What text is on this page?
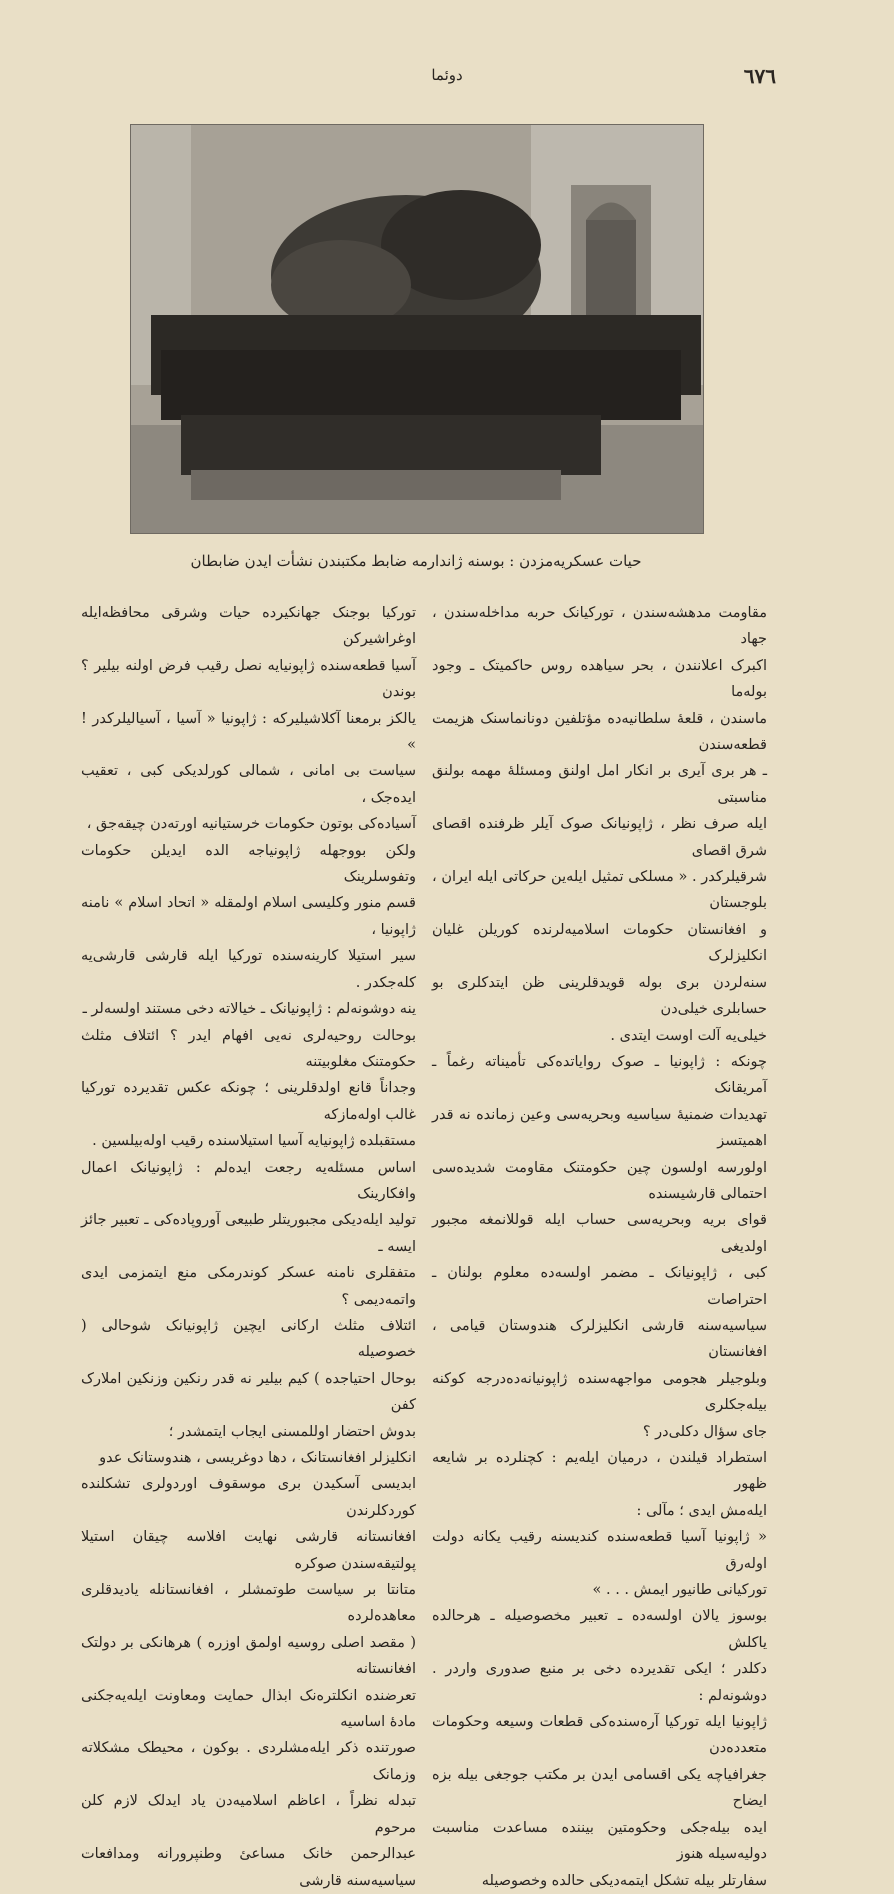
٦٧٦
دوئما
حیات عسکریه‌مزدن : بوسنه ژاندارمه ضابط مکتبندن نشأت ایدن ضابطان

مقاومت مدهشه‌سندن ، تورکیانک حربه مداخله‌سندن ، جهاد

اکبرک اعلانندن ، بحر سیاهده روس حاکمیتک ـ وجود بوله‌ما

ماسندن ، قلعهٔ سلطانیه‌ده مؤتلفین دونانماسنک هزیمت قطعه‌سندن

ـ هر بری آیری بر انکار امل اولنق ومسئلهٔ مهمه بولنق مناسبتی

ایله صرف نظر ، ژاپونیانک صوک آیلر ظرفنده اقصای شرق اقصای

شرقیلرکدر . « مسلکی تمثیل ایله‌ین حرکاتی ایله ایران ، بلوجستان

و افغانستان حکومات اسلامیه‌لرنده کوریلن غلیان انکلیزلرک

سنه‌لردن بری بوله قویدقلرینی ظن ایتدکلری بو حسابلری خیلی‌دن

خیلی‌یه آلت اوست ایتدی .

چونکه : ژاپونیا ـ صوک روایاتده‌کی تأمیناته رغماً ـ آمریقانک

تهدیدات ضمنیهٔ سیاسیه وبحریه‌سی وعین زمانده نه قدر اهمیتسز

اولورسه اولسون چین حکومتنک مقاومت شدیده‌سی احتمالی قارشیسنده

قوای بریه وبحریه‌سی حساب ایله قوللانمغه مجبور اولدیغی

کبی ، ژاپونیانک ـ مضمر اولسه‌ده معلوم بولنان ـ احتراصات

سیاسیه‌سنه قارشی انکلیزلرک هندوستان قیامی ، افغانستان

وبلوجیلر هجومی مواجهه‌سنده ژاپونیانه‌ده‌درجه کوکنه بیله‌جکلری

جای سؤال دکلی‌در ؟

استطراد قیلندن ، درمیان ایله‌یم : کچنلرده بر شایعه ظهور

ایله‌مش ایدی ؛ مآلی :

« ژاپونیا آسیا قطعه‌سنده کندیسنه رقیب یکانه دولت اوله‌رق

تورکیانی طانیور ایمش . . . »

بوسوز یالان اولسه‌ده ـ تعبیر مخصوصیله ـ هرحالده یاکلش

دکلدر ؛ ایکی تقدیرده دخی بر منبع صدوری واردر . دوشونه‌لم :

ژاپونیا ایله تورکیا آره‌سنده‌کی قطعات وسیعه وحکومات متعدده‌دن

جغرافیاچه یکی اقسامی ایدن بر مکتب جوجغی بیله بزه ایضاح

ایده بیله‌جکی وحکومتین بیننده مساعدت مناسبت دولیه‌سیله هنوز

سفارتلر بیله تشکل ایتمه‌دیکی حالده وخصوصیله

تورکیا بوجنک جهانکیرده حیات وشرقی محافظه‌ایله اوغراشیرکن

آسیا قطعه‌سنده ژاپونیایه نصل رقیب فرض اولنه بیلیر ؟ بوندن

یالکز برمعنا آکلاشیلیرکه : ژاپونیا « آسیا ، آسیالیلرکدر ! »

سیاست بی امانی ، شمالی کورلدیکی کبی ، تعقیب ایده‌جک ،

آسیاده‌کی بوتون حکومات خرستیانیه اورته‌دن چیقه‌جق ،

ولکن بووجهله ژاپونیاجه الده ایدیلن حکومات وتفوسلرینک

قسم منور وکلیسی اسلام اولمقله « اتحاد اسلام » نامنه ژاپونیا ،

سیر استیلا کارینه‌سنده تورکیا ایله قارشی قارشی‌یه کله‌جکدر .

ینه دوشونه‌لم : ژاپونیانک ـ خیالاته دخی مستند اولسه‌لر ـ

بوحالت روحیه‌لری نه‌یی افهام ایدر ؟ ائتلاف مثلث حکومتنک مغلوبیتنه

وجداناً قانع اولدقلرینی ؛ چونکه عکس تقدیرده تورکیا غالب اوله‌مازکه

مستقبلده ژاپونیایه آسیا استیلاسنده رقیب اوله‌بیلسین .

اساس مسئله‌یه رجعت ایده‌لم : ژاپونیانک اعمال وافکارینک

تولید ایله‌دیکی مجبوریتلر طبیعی آوروپاده‌کی ـ تعبیر جائز ایسه ـ

متفقلری نامنه عسکر کوندرمکی منع ایتمزمی ایدی واتمه‌دیمی ؟

ائتلاف مثلث ارکانی ایچین ژاپونیانک شوحالی ( خصوصیله

بوحال احتیاجده ) کیم بیلیر نه قدر رنکین وزنکین املارک کفن

بدوش احتضار اوللمسنی ایجاب ایتمشدر ؛

انکلیزلر افغانستانک ، دها دوغریسی ، هندوستانک عدو

ابدیسی آسکیدن بری موسقوف اوردولری تشکلنده کوردکلرندن

افغانستانه قارشی نهایت افلاسه چیقان استیلا پولتیقه‌سندن صوکره

متانتا بر سیاست طوتمشلر ، افغانستانله یادیدقلری معاهده‌لرده

( مقصد اصلی روسیه اولمق اوزره ) هرهانکی بر دولتک افغانستانه

تعرضنده انکلتره‌نک ابذال حمایت ومعاونت ایله‌یه‌جکنی مادهٔ اساسیه

صورتنده ذکر ایله‌مشلردی . بوکون ، محیطک مشکلاته وزمانک

تبدله نظراً ، اعاظم اسلامیه‌دن یاد ایدلک لازم کلن مرحوم

عبدالرحمن خانک مساعیٔ وطنپرورانه ومدافعات سیاسیه‌سنه قارشی
